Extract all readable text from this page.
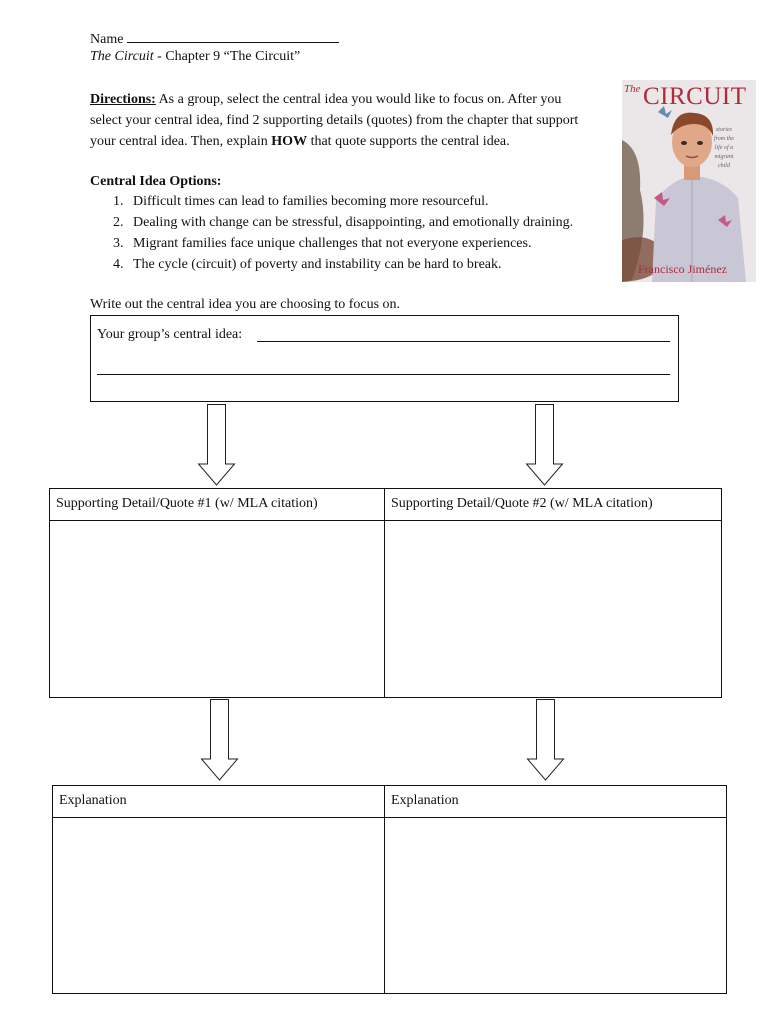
Name
The Circuit - Chapter 9 “The Circuit”
Directions: As a group, select the central idea you would like to focus on. After you
select your central idea, find 2 supporting details (quotes) from the chapter that support
your central idea. Then, explain HOW that quote supports the central idea.
Central Idea Options:
1. Difficult times can lead to families becoming more resourceful.
2. Dealing with change can be stressful, disappointing, and emotionally draining.
3. Migrant families face unique challenges that not everyone experiences.
4. The cycle (circuit) of poverty and instability can be hard to break.
The CIRCUIT
stories
from the
life of a
migrant
child
Francisco Jiménez
Write out the central idea you are choosing to focus on.
Your group’s central idea:
Supporting Detail/Quote #1 (w/ MLA citation)	Supporting Detail/Quote #2 (w/ MLA citation)
Explanation	Explanation
